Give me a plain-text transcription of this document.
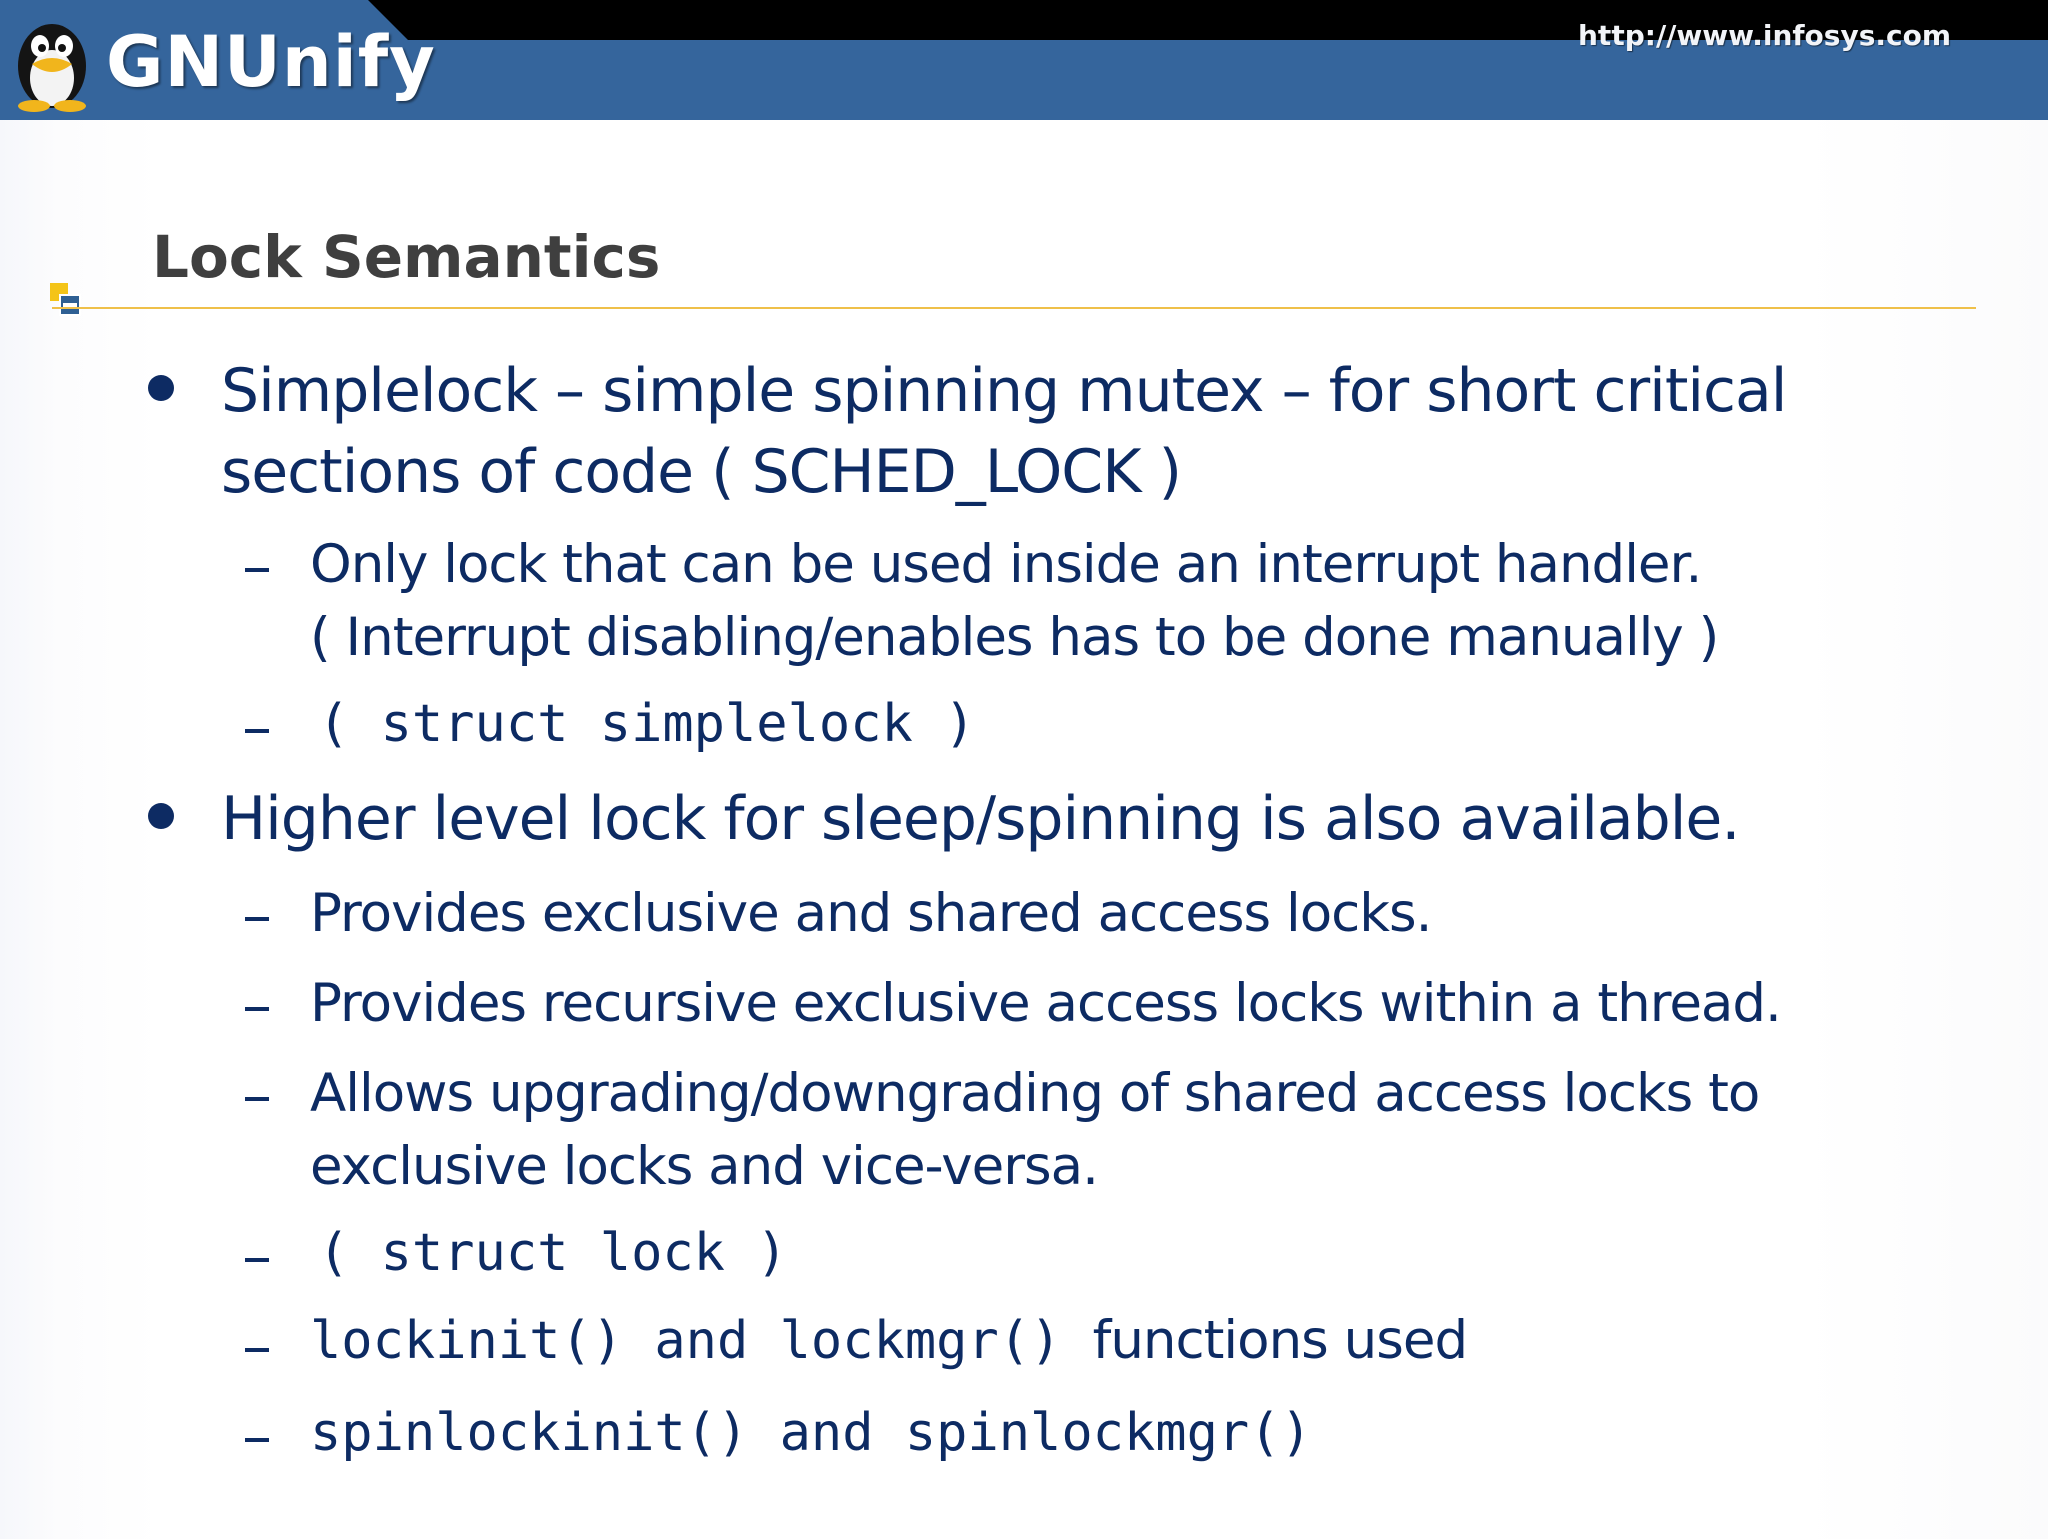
GNUnify	http://www.infosys.com
Lock Semantics
Simplelock – simple spinning mutex – for short critical
sections of code ( SCHED_LOCK )
Only lock that can be used inside an interrupt handler.
( Interrupt disabling/enables has to be done manually )
( struct simplelock )
Higher level lock for sleep/spinning is also available.
Provides exclusive and shared access locks.
Provides recursive exclusive access locks within a thread.
Allows upgrading/downgrading of shared access locks to
exclusive locks and vice-versa.
( struct lock )
lockinit() and lockmgr() functions used
spinlockinit() and spinlockmgr()
